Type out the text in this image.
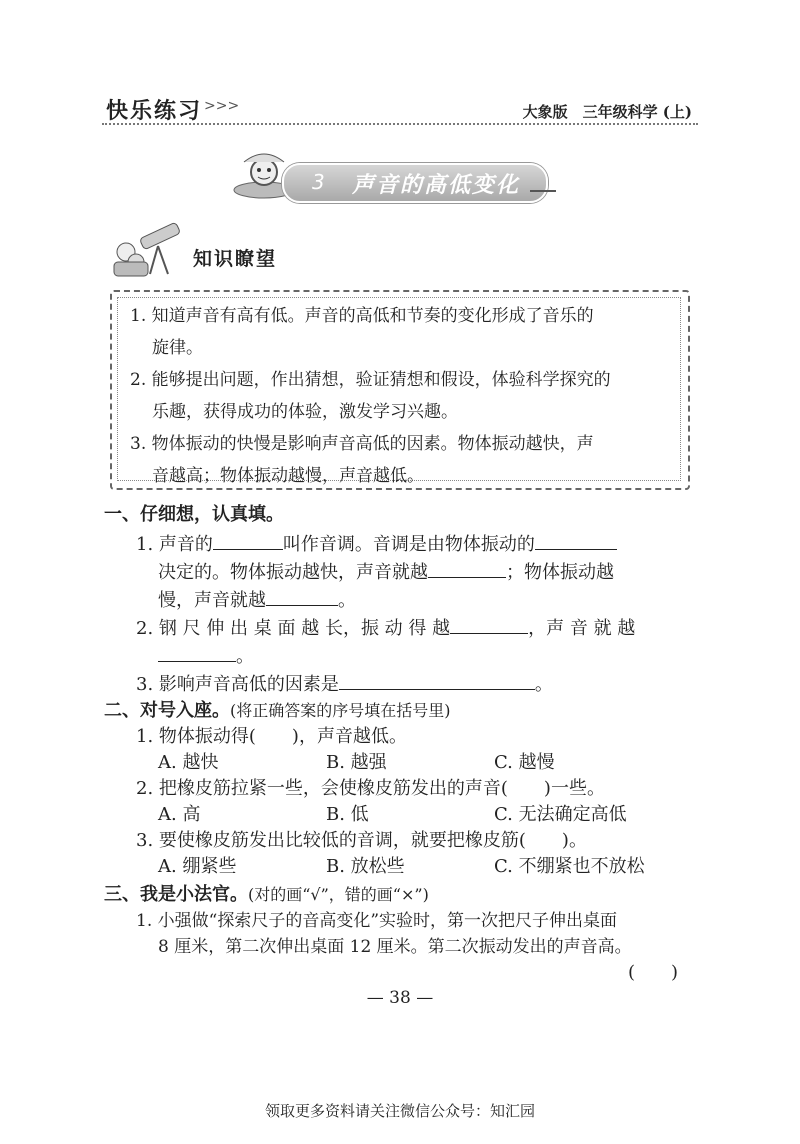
快乐练习 >>>	大象版　三年级科学 (上)
3 声音的高低变化
知识瞭望
1. 知道声音有高有低。声音的高低和节奏的变化形成了音乐的
旋律。
2. 能够提出问题，作出猜想，验证猜想和假设，体验科学探究的
乐趣，获得成功的体验，激发学习兴趣。
3. 物体振动的快慢是影响声音高低的因素。物体振动越快，声
音越高；物体振动越慢，声音越低。
一、仔细想，认真填。
1. 声音的	叫作音调。音调是由物体振动的
决定的。物体振动越快，声音就越	；物体振动越
慢，声音就越	。
2. 钢 尺 伸 出 桌 面 越 长，振 动 得 越	，声 音 就 越
。
3. 影响声音高低的因素是	。
二、对号入座。(将正确答案的序号填在括号里)
1. 物体振动得(　　)，声音越低。
A. 越快	B. 越强	C. 越慢
2. 把橡皮筋拉紧一些，会使橡皮筋发出的声音(　　)一些。
A. 高	B. 低	C. 无法确定高低
3. 要使橡皮筋发出比较低的音调，就要把橡皮筋(　　)。
A. 绷紧些	B. 放松些	C. 不绷紧也不放松
三、我是小法官。(对的画“√”，错的画“×”)
1. 小强做“探索尺子的音高变化”实验时，第一次把尺子伸出桌面
8 厘米，第二次伸出桌面 12 厘米。第二次振动发出的声音高。
(　　)
— 38 —
领取更多资料请关注微信公众号：知汇园
